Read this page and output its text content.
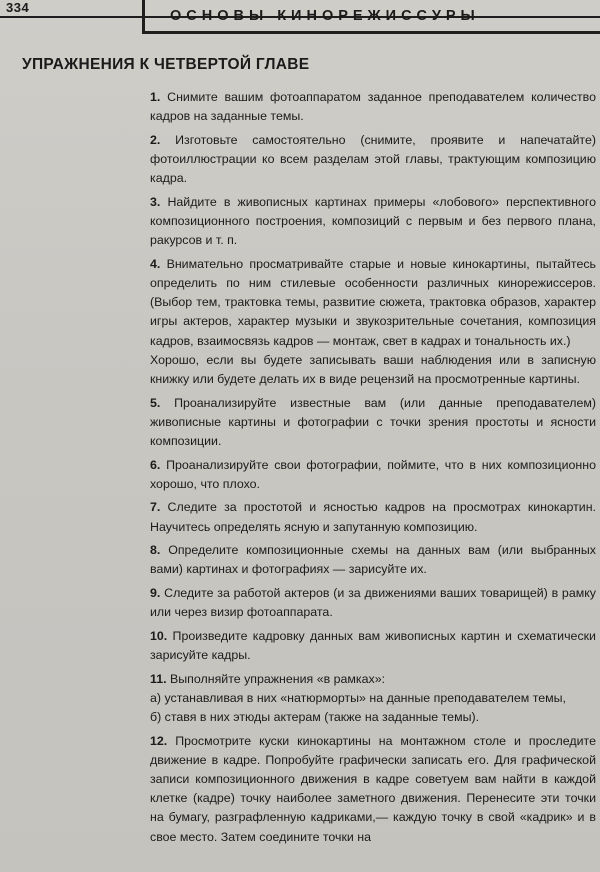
334
ОСНОВЫ КИНОРЕЖИССУРЫ
УПРАЖНЕНИЯ К ЧЕТВЕРТОЙ ГЛАВЕ

1. Снимите вашим фотоаппаратом заданное преподавателем количество кадров на заданные темы.

2. Изготовьте самостоятельно (снимите, проявите и напечатайте) фотоиллюстрации ко всем разделам этой главы, трактующим композицию кадра.

3. Найдите в живописных картинах примеры «лобового» перспективного композиционного построения, композиций с первым и без первого плана, ракурсов и т. п.

4. Внимательно просматривайте старые и новые кинокартины, пытайтесь определить по ним стилевые особенности различных кинорежиссеров. (Выбор тем, трактовка темы, развитие сюжета, трактовка образов, характер игры актеров, характер музыки и звукозрительные сочетания, композиция кадров, взаимосвязь кадров — монтаж, свет в кадрах и тональность их.)

Хорошо, если вы будете записывать ваши наблюдения или в записную книжку или будете делать их в виде рецензий на просмотренные картины.

5. Проанализируйте известные вам (или данные преподавателем) живописные картины и фотографии с точки зрения простоты и ясности композиции.

6. Проанализируйте свои фотографии, поймите, что в них композиционно хорошо, что плохо.

7. Следите за простотой и ясностью кадров на просмотрах кинокартин. Научитесь определять ясную и запутанную композицию.

8. Определите композиционные схемы на данных вам (или выбранных вами) картинах и фотографиях — зарисуйте их.

9. Следите за работой актеров (и за движениями ваших товарищей) в рамку или через визир фотоаппарата.

10. Произведите кадровку данных вам живописных картин и схематически зарисуйте кадры.

11. Выполняйте упражнения «в рамках»:

а) устанавливая в них «натюрморты» на данные преподавателем темы,

б) ставя в них этюды актерам (также на заданные темы).

12. Просмотрите куски кинокартины на монтажном столе и проследите движение в кадре. Попробуйте графически записать его. Для графической записи композиционного движения в кадре советуем вам найти в каждой клетке (кадре) точку наиболее заметного движения. Перенесите эти точки на бумагу, разграфленную кадриками,— каждую точку в свой «кадрик» и в свое место. Затем соедините точки на
